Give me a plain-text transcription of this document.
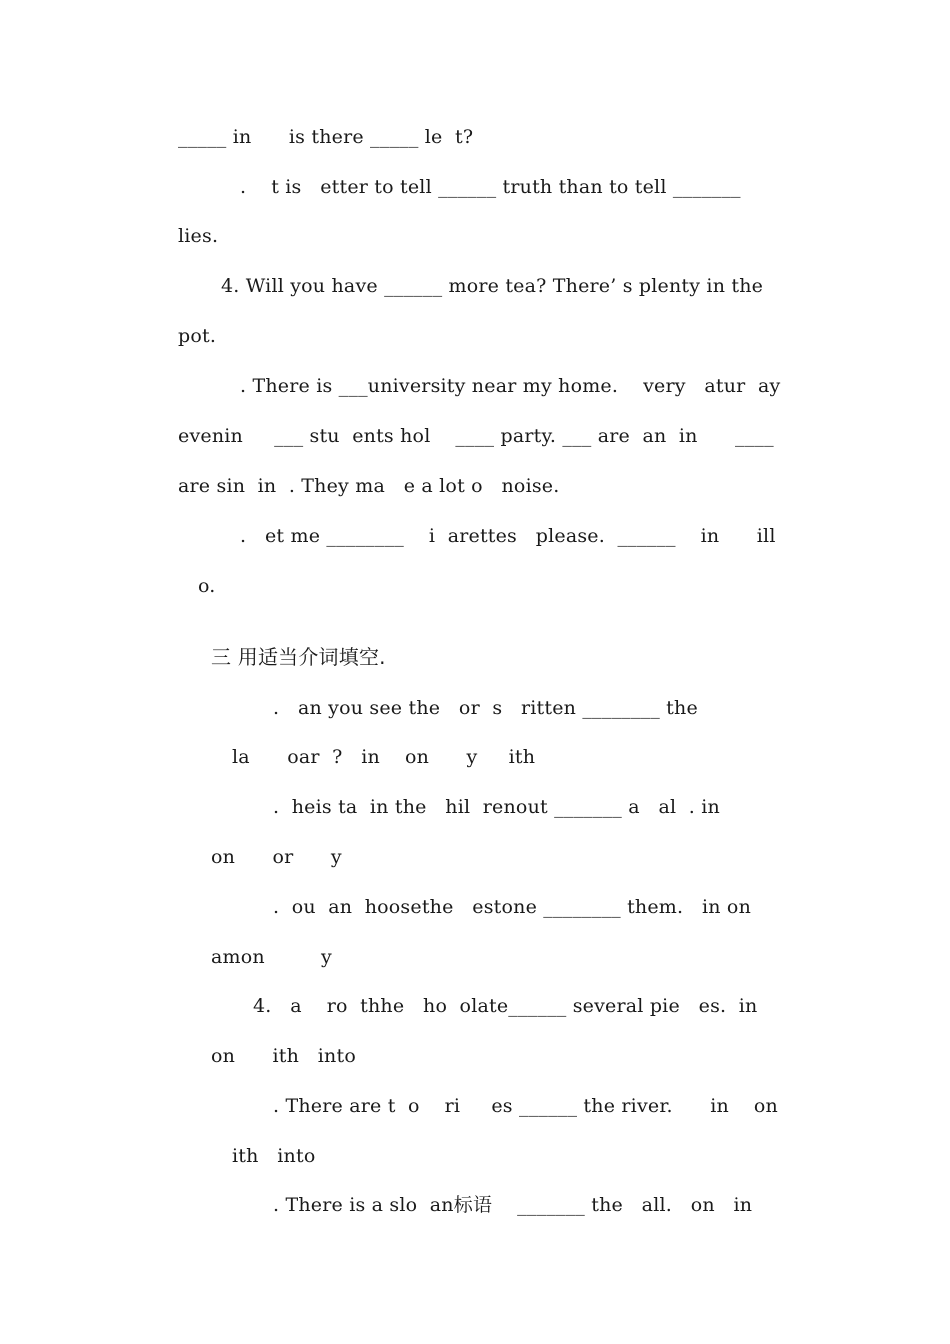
_____ in      is there _____ le  t?
.    t is   etter to tell ______ truth than to tell _______
lies.
4. Will you have ______ more tea? There’ s plenty in the
pot.
. There is ___university near my home.    very   atur  ay
evenin     ___ stu  ents hol    ____ party. ___ are  an  in      ____
are sin  in  . They ma   e a lot o   noise.
.   et me ________    i  arettes   please.  ______    in      ill
o.
三 用适当介词填空.
.   an you see the   or  s   ritten ________ the
la      oar  ?   in    on      y     ith
.  heis ta  in the   hil  renout _______ a   al  . in
on      or      y
.  ou  an  hoosethe   estone ________ them.   in on
amon         y
4.   a    ro  thhe   ho  olate______ several pie   es.  in
on      ith   into
. There are t  o    ri     es ______ the river.      in    on
ith   into
. There is a slo  an标语    _______ the   all.   on   in
